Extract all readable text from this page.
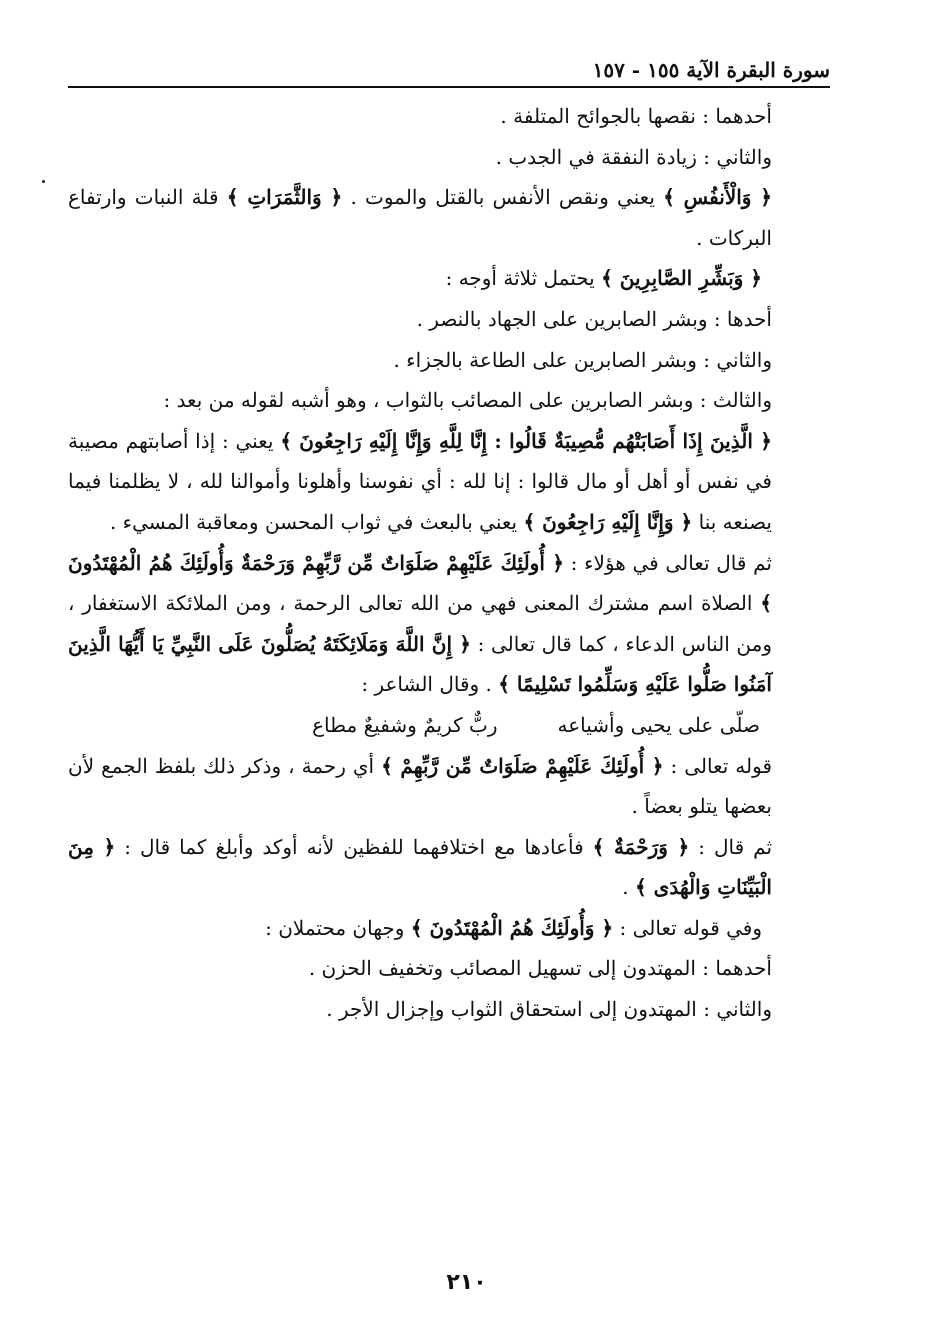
سورة البقرة الآية ١٥٥ - ١٥٧

أحدهما : نقصها بالجوائح المتلفة .

والثاني : زيادة النفقة في الجدب .

﴿ وَالْأَنفُسِ ﴾ يعني ونقص الأنفس بالقتل والموت . ﴿ وَالثَّمَرَاتِ ﴾ قلة النبات وارتفاع البركات .

﴿ وَبَشِّرِ الصَّابِرِينَ ﴾ يحتمل ثلاثة أوجه :

أحدها : وبشر الصابرين على الجهاد بالنصر .

والثاني : وبشر الصابرين على الطاعة بالجزاء .

والثالث : وبشر الصابرين على المصائب بالثواب ، وهو أشبه لقوله من بعد :

﴿ الَّذِينَ إِذَا أَصَابَتْهُم مُّصِيبَةٌ قَالُوا : إِنَّا لِلَّهِ وَإِنَّا إِلَيْهِ رَاجِعُونَ ﴾ يعني : إذا أصابتهم مصيبة في نفس أو أهل أو مال قالوا : إنا لله : أي نفوسنا وأهلونا وأموالنا لله ، لا يظلمنا فيما يصنعه بنا ﴿ وَإِنَّا إِلَيْهِ رَاجِعُونَ ﴾ يعني بالبعث في ثواب المحسن ومعاقبة المسيء .

ثم قال تعالى في هؤلاء : ﴿ أُولَئِكَ عَلَيْهِمْ صَلَوَاتٌ مِّن رَّبِّهِمْ وَرَحْمَةٌ وَأُولَئِكَ هُمُ الْمُهْتَدُونَ ﴾ الصلاة اسم مشترك المعنى فهي من الله تعالى الرحمة ، ومن الملائكة الاستغفار ، ومن الناس الدعاء ، كما قال تعالى : ﴿ إِنَّ اللَّهَ وَمَلَائِكَتَهُ يُصَلُّونَ عَلَى النَّبِيِّ يَا أَيُّهَا الَّذِينَ آمَنُوا صَلُّوا عَلَيْهِ وَسَلِّمُوا تَسْلِيمًا ﴾ . وقال الشاعر :

صلّى على يحيى وأشياعه
ربٌّ كريمٌ وشفيعٌ مطاع

قوله تعالى : ﴿ أُولَئِكَ عَلَيْهِمْ صَلَوَاتٌ مِّن رَّبِّهِمْ ﴾ أي رحمة ، وذكر ذلك بلفظ الجمع لأن بعضها يتلو بعضاً .

ثم قال : ﴿ وَرَحْمَةٌ ﴾ فأعادها مع اختلافهما للفظين لأنه أوكد وأبلغ كما قال : ﴿ مِنَ الْبَيِّنَاتِ وَالْهُدَى ﴾ .

وفي قوله تعالى : ﴿ وَأُولَئِكَ هُمُ الْمُهْتَدُونَ ﴾ وجهان محتملان :

أحدهما : المهتدون إلى تسهيل المصائب وتخفيف الحزن .

والثاني : المهتدون إلى استحقاق الثواب وإجزال الأجر .

٢١٠
